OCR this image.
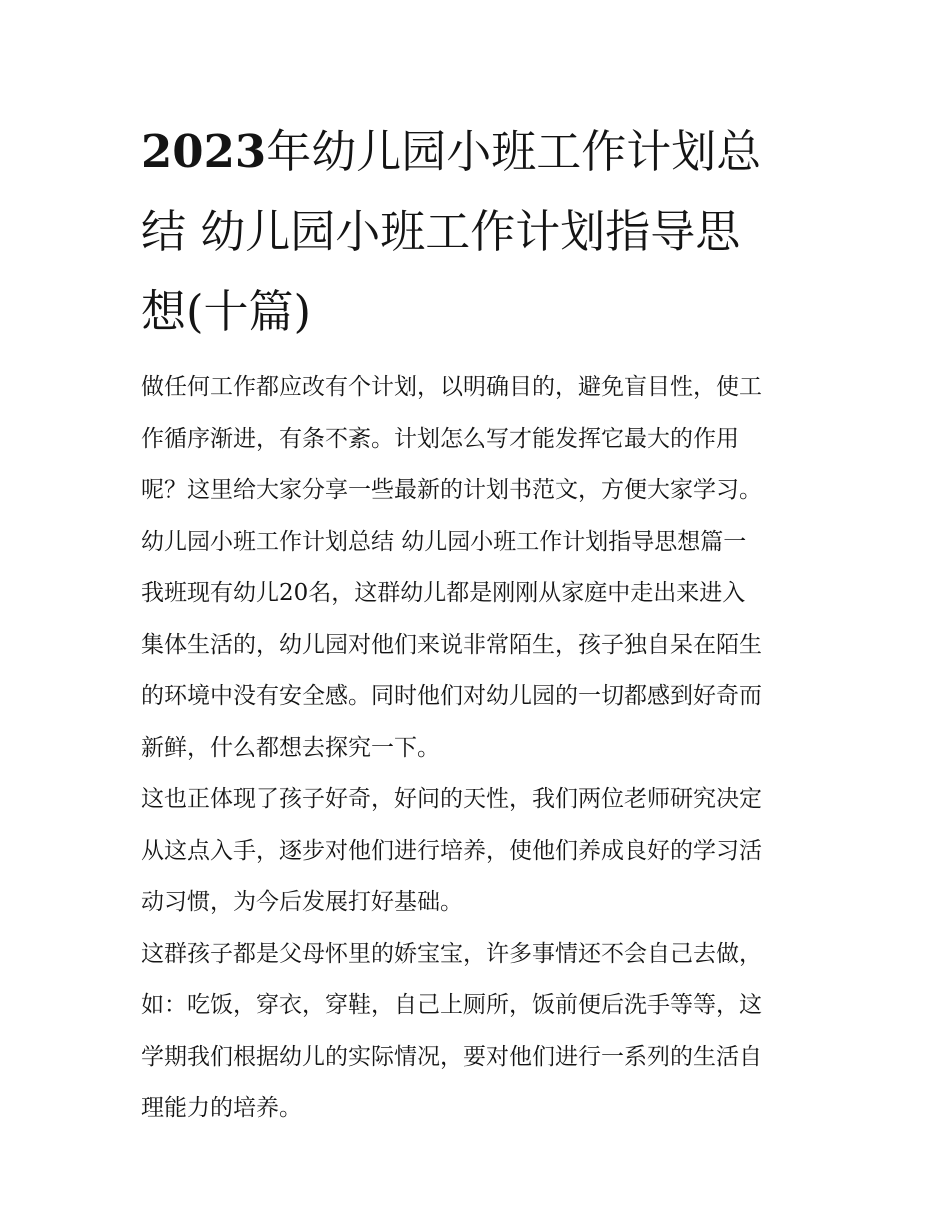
2023年幼儿园小班工作计划总
结 幼儿园小班工作计划指导思
想(十篇)

做任何工作都应改有个计划，以明确目的，避免盲目性，使工
作循序渐进，有条不紊。计划怎么写才能发挥它最大的作用
呢？这里给大家分享一些最新的计划书范文，方便大家学习。

幼儿园小班工作计划总结 幼儿园小班工作计划指导思想篇一

我班现有幼儿20名，这群幼儿都是刚刚从家庭中走出来进入
集体生活的，幼儿园对他们来说非常陌生，孩子独自呆在陌生
的环境中没有安全感。同时他们对幼儿园的一切都感到好奇而
新鲜，什么都想去探究一下。

这也正体现了孩子好奇，好问的天性，我们两位老师研究决定
从这点入手，逐步对他们进行培养，使他们养成良好的学习活
动习惯，为今后发展打好基础。

这群孩子都是父母怀里的娇宝宝，许多事情还不会自己去做，
如：吃饭，穿衣，穿鞋，自己上厕所，饭前便后洗手等等，这
学期我们根据幼儿的实际情况，要对他们进行一系列的生活自
理能力的培养。
